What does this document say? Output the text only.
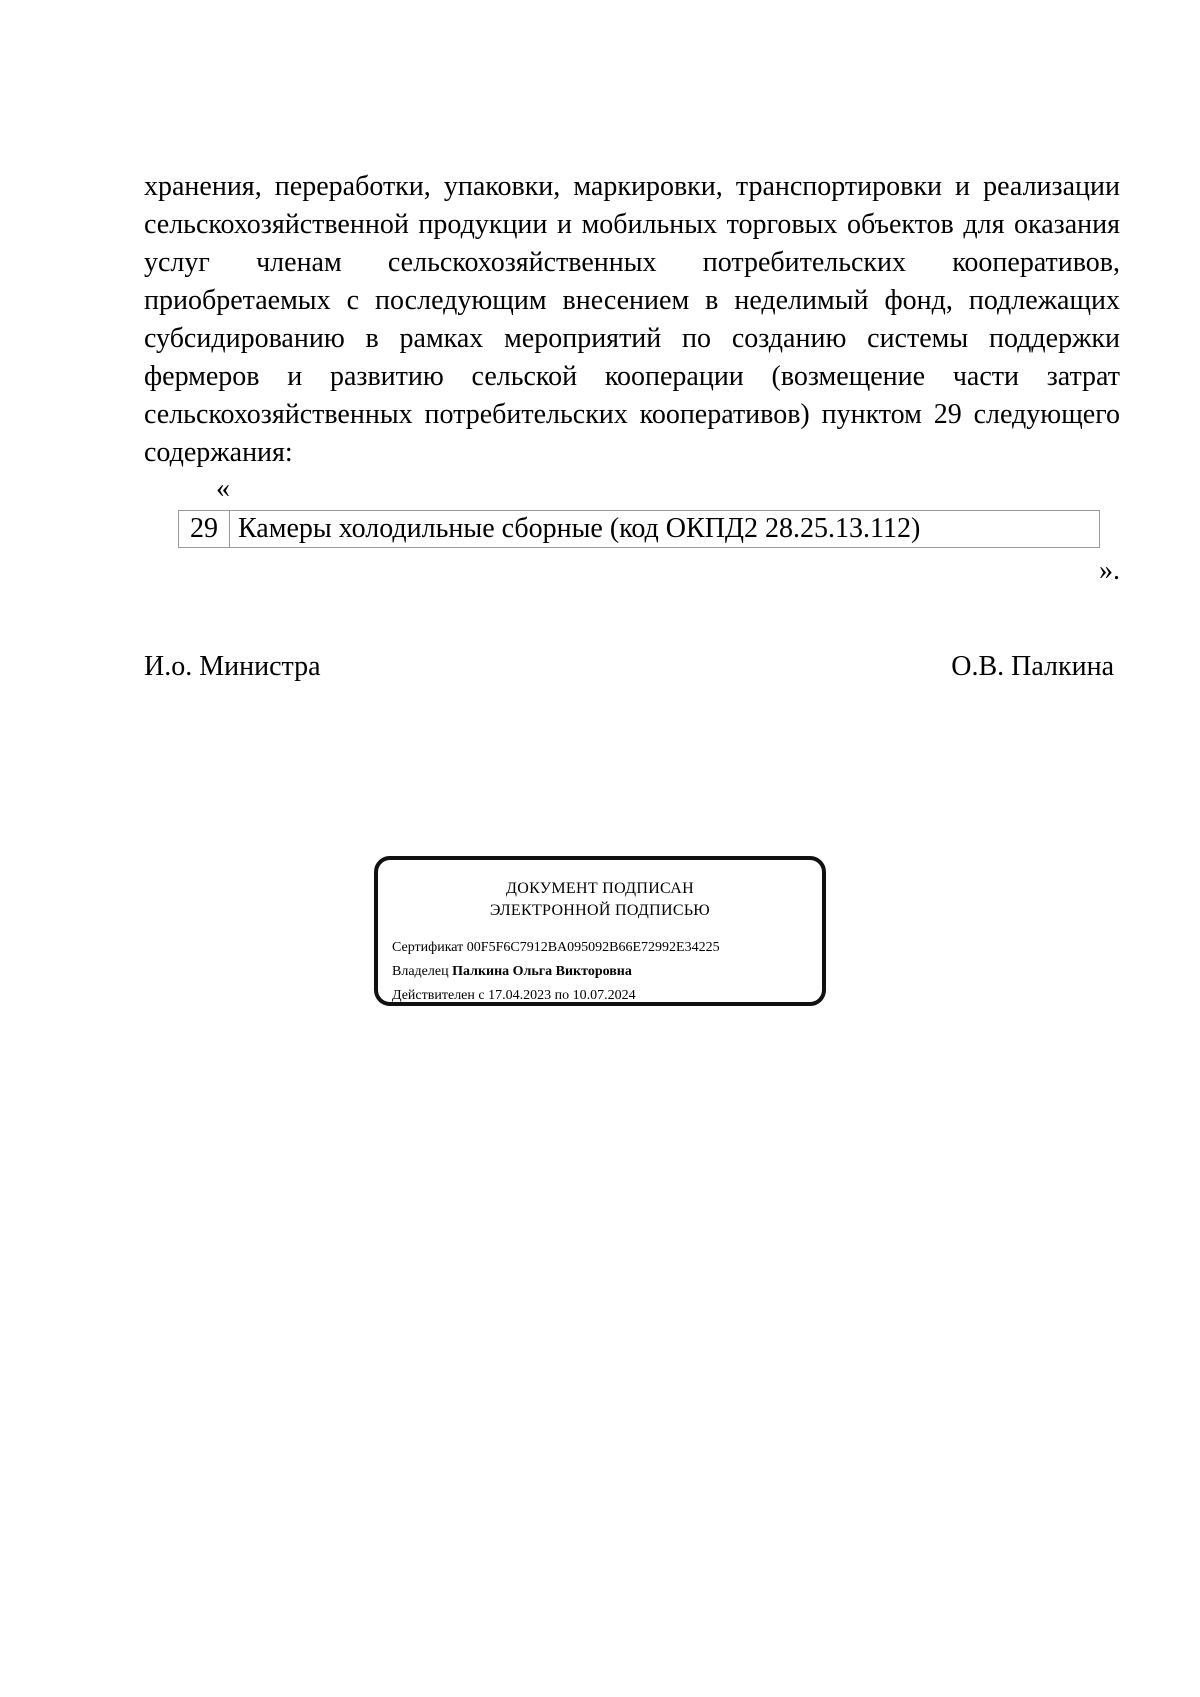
хранения, переработки, упаковки, маркировки, транспортировки и реализации сельскохозяйственной продукции и мобильных торговых объектов для оказания услуг членам сельскохозяйственных потребительских кооперативов, приобретаемых с последующим внесением в неделимый фонд, подлежащих субсидированию в рамках мероприятий по созданию системы поддержки фермеров и развитию сельской кооперации (возмещение части затрат сельскохозяйственных потребительских кооперативов) пунктом 29 следующего содержания:

«
29	Камеры холодильные сборные (код ОКПД2 28.25.13.112)
».
И.о. Министра	О.В. Палкина
ДОКУМЕНТ ПОДПИСАН
ЭЛЕКТРОННОЙ ПОДПИСЬЮ
Сертификат 00F5F6C7912BA095092B66E72992E34225
Владелец Палкина Ольга Викторовна
Действителен с 17.04.2023 по 10.07.2024
